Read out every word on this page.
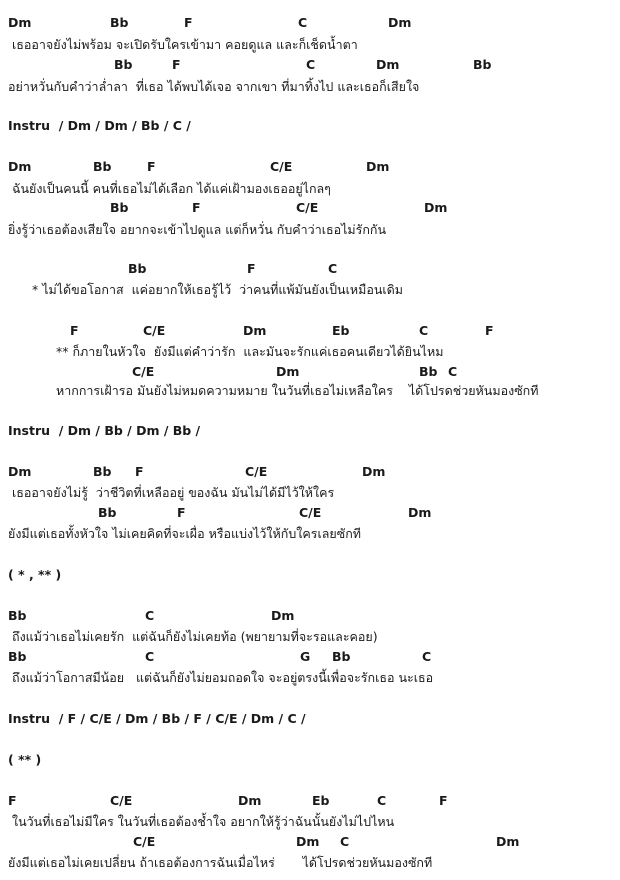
Dm	Bb	F	C	Dm
เธออาจยังไม่พร้อม จะเปิดรับใครเข้ามา คอยดูแล และก็เช็ดน้ำตา
Bb	F	C	Dm	Bb
อย่าหวั่นกับคำว่าล่ำลา  ที่เธอ ได้พบได้เจอ จากเขา ที่มาทิ้งไป และเธอก็เสียใจ
Instru  / Dm / Dm / Bb / C /
Dm	Bb	F	C/E	Dm
ฉันยังเป็นคนนี้ คนที่เธอไม่ได้เลือก ได้แค่เฝ้ามองเธออยู่ไกลๆ
Bb	F	C/E	Dm
ยิ่งรู้ว่าเธอต้องเสียใจ อยากจะเข้าไปดูแล แต่ก็หวั่น กับคำว่าเธอไม่รักกัน
Bb	F	C
* ไม่ได้ขอโอกาส  แค่อยากให้เธอรู้ไว้  ว่าคนที่แพ้มันยังเป็นเหมือนเดิม
F	C/E	Dm	Eb	C	F
** ก็ภายในหัวใจ  ยังมีแต่คำว่ารัก  และมันจะรักแค่เธอคนเดียวได้ยินไหม
C/E	Dm	Bb C
หากการเฝ้ารอ มันยังไม่หมดความหมาย ในวันที่เธอไม่เหลือใคร    ได้โปรดช่วยหันมองซักที
Instru  / Dm / Bb / Dm / Bb /
Dm	Bb F	C/E	Dm
เธออาจยังไม่รู้  ว่าชีวิตที่เหลืออยู่ ของฉัน มันไม่ได้มีไว้ให้ใคร
Bb	F	C/E	Dm
ยังมีแต่เธอทั้งหัวใจ ไม่เคยคิดที่จะเผื่อ หรือแบ่งไว้ให้กับใครเลยซักที
( * , ** )
Bb	C	Dm
ถึงแม้ว่าเธอไม่เคยรัก  แต่ฉันก็ยังไม่เคยท้อ (พยายามที่จะรอและคอย)
Bb	C	G Bb	C
ถึงแม้ว่าโอกาสมีน้อย   แต่ฉันก็ยังไม่ยอมถอดใจ จะอยู่ตรงนี้เพื่อจะรักเธอ นะเธอ
Instru  / F / C/E / Dm / Bb / F / C/E / Dm / C /
( ** )
F	C/E	Dm	Eb	C	F
ในวันที่เธอไม่มีใคร ในวันที่เธอต้องช้ำใจ อยากให้รู้ว่าฉันนั้นยังไม่ไปไหน
C/E	Dm C	Dm
ยังมีแต่เธอไม่เคยเปลี่ยน ถ้าเธอต้องการฉันเมื่อไหร่       ได้โปรดช่วยหันมองซักที
